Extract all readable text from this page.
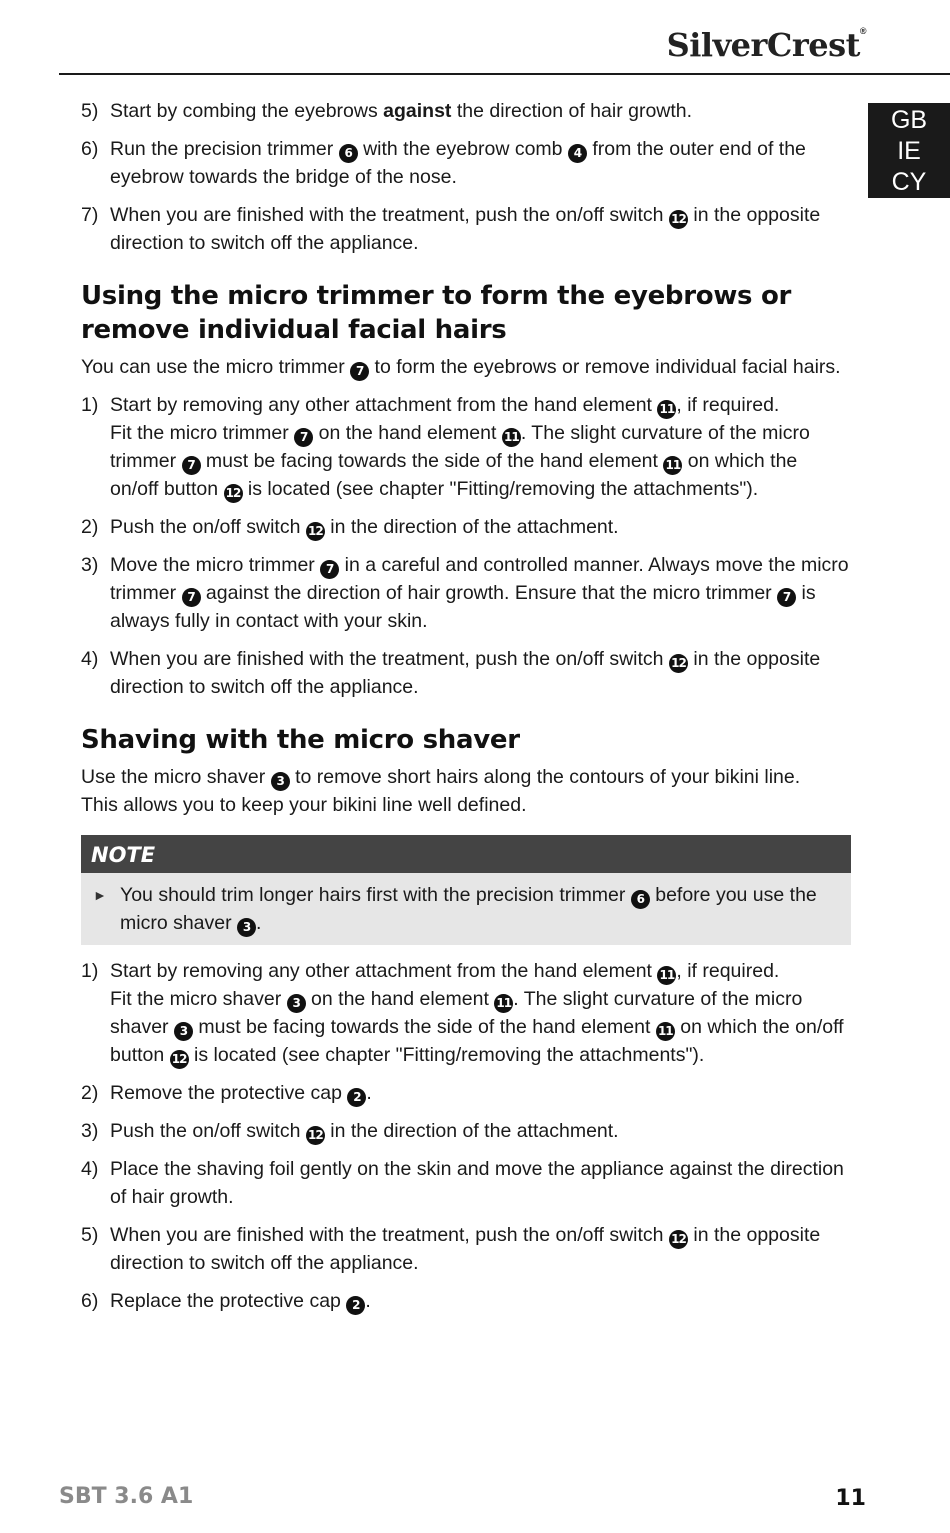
SilverCrest®
GB
IE
CY
5) Start by combing the eyebrows against the direction of hair growth.
6) Run the precision trimmer 6 with the eyebrow comb 4 from the outer end of the eyebrow towards the bridge of the nose.
7) When you are finished with the treatment, push the on/off switch 12 in the opposite direction to switch off the appliance.
Using the micro trimmer to form the eyebrows or remove individual facial hairs
You can use the micro trimmer 7 to form the eyebrows or remove individual facial hairs.
1) Start by removing any other attachment from the hand element 11 , if required.
Fit the micro trimmer 7 on the hand element 11 . The slight curvature of the micro trimmer 7 must be facing towards the side of the hand element 11 on which the on/off button 12 is located (see chapter "Fitting/removing the attachments").
2) Push the on/off switch 12 in the direction of the attachment.
3) Move the micro trimmer 7 in a careful and controlled manner. Always move the micro trimmer 7 against the direction of hair growth. Ensure that the micro trimmer 7 is always fully in contact with your skin.
4) When you are finished with the treatment, push the on/off switch 12 in the opposite direction to switch off the appliance.
Shaving with the micro shaver
Use the micro shaver 3 to remove short hairs along the contours of your bikini line.
This allows you to keep your bikini line well defined.
NOTE
► You should trim longer hairs first with the precision trimmer 6 before you use the micro shaver 3 .
1) Start by removing any other attachment from the hand element 11 , if required.
Fit the micro shaver 3 on the hand element 11 . The slight curvature of the micro shaver 3 must be facing towards the side of the hand element 11 on which the on/off button 12 is located (see chapter "Fitting/removing the attachments").
2) Remove the protective cap 2 .
3) Push the on/off switch 12 in the direction of the attachment.
4) Place the shaving foil gently on the skin and move the appliance against the direction of hair growth.
5) When you are finished with the treatment, push the on/off switch 12 in the opposite direction to switch off the appliance.
6) Replace the protective cap 2 .
SBT 3.6 A1	11
